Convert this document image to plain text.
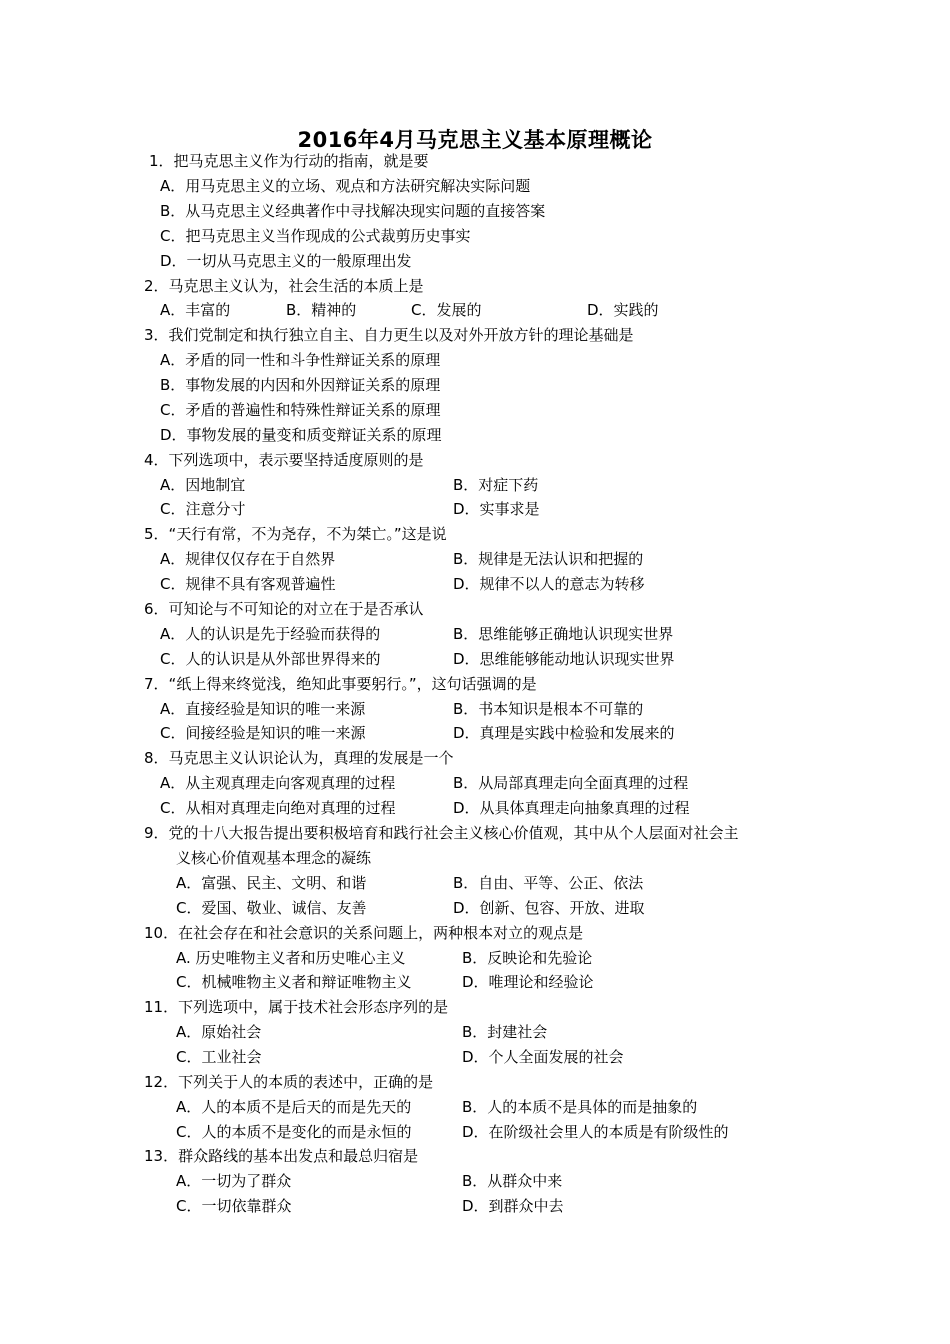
2016年4月马克思主义基本原理概论
1．把马克思主义作为行动的指南，就是要
A．用马克思主义的立场、观点和方法研究解决实际问题
B．从马克思主义经典著作中寻找解决现实问题的直接答案
C．把马克思主义当作现成的公式裁剪历史事实
D．一切从马克思主义的一般原理出发
2．马克思主义认为，社会生活的本质上是
A．丰富的	B．精神的	C．发展的	D．实践的
3．我们党制定和执行独立自主、自力更生以及对外开放方针的理论基础是
A．矛盾的同一性和斗争性辩证关系的原理
B．事物发展的内因和外因辩证关系的原理
C．矛盾的普遍性和特殊性辩证关系的原理
D．事物发展的量变和质变辩证关系的原理
4．下列选项中，表示要坚持适度原则的是
A．因地制宜	B．对症下药
C．注意分寸	D．实事求是
5．“天行有常，不为尧存，不为桀亡。”这是说
A．规律仅仅存在于自然界	B．规律是无法认识和把握的
C．规律不具有客观普遍性	D．规律不以人的意志为转移
6．可知论与不可知论的对立在于是否承认
A．人的认识是先于经验而获得的	B．思维能够正确地认识现实世界
C．人的认识是从外部世界得来的	D．思维能够能动地认识现实世界
7．“纸上得来终觉浅，绝知此事要躬行。”，这句话强调的是
A．直接经验是知识的唯一来源	B．书本知识是根本不可靠的
C．间接经验是知识的唯一来源	D．真理是实践中检验和发展来的
8．马克思主义认识论认为，真理的发展是一个
A．从主观真理走向客观真理的过程	B．从局部真理走向全面真理的过程
C．从相对真理走向绝对真理的过程	D．从具体真理走向抽象真理的过程
9．党的十八大报告提出要积极培育和践行社会主义核心价值观，其中从个人层面对社会主
义核心价值观基本理念的凝练
A．富强、民主、文明、和谐	B．自由、平等、公正、依法
C．爱国、敬业、诚信、友善	D．创新、包容、开放、进取
10．在社会存在和社会意识的关系问题上，两种根本对立的观点是
A. 历史唯物主义者和历史唯心主义	B．反映论和先验论
C．机械唯物主义者和辩证唯物主义	D．唯理论和经验论
11．下列选项中，属于技术社会形态序列的是
A．原始社会	B．封建社会
C．工业社会	D．个人全面发展的社会
12．下列关于人的本质的表述中，正确的是
A．人的本质不是后天的而是先天的	B．人的本质不是具体的而是抽象的
C．人的本质不是变化的而是永恒的	D．在阶级社会里人的本质是有阶级性的
13．群众路线的基本出发点和最总归宿是
A．一切为了群众	B．从群众中来
C．一切依靠群众	D．到群众中去
